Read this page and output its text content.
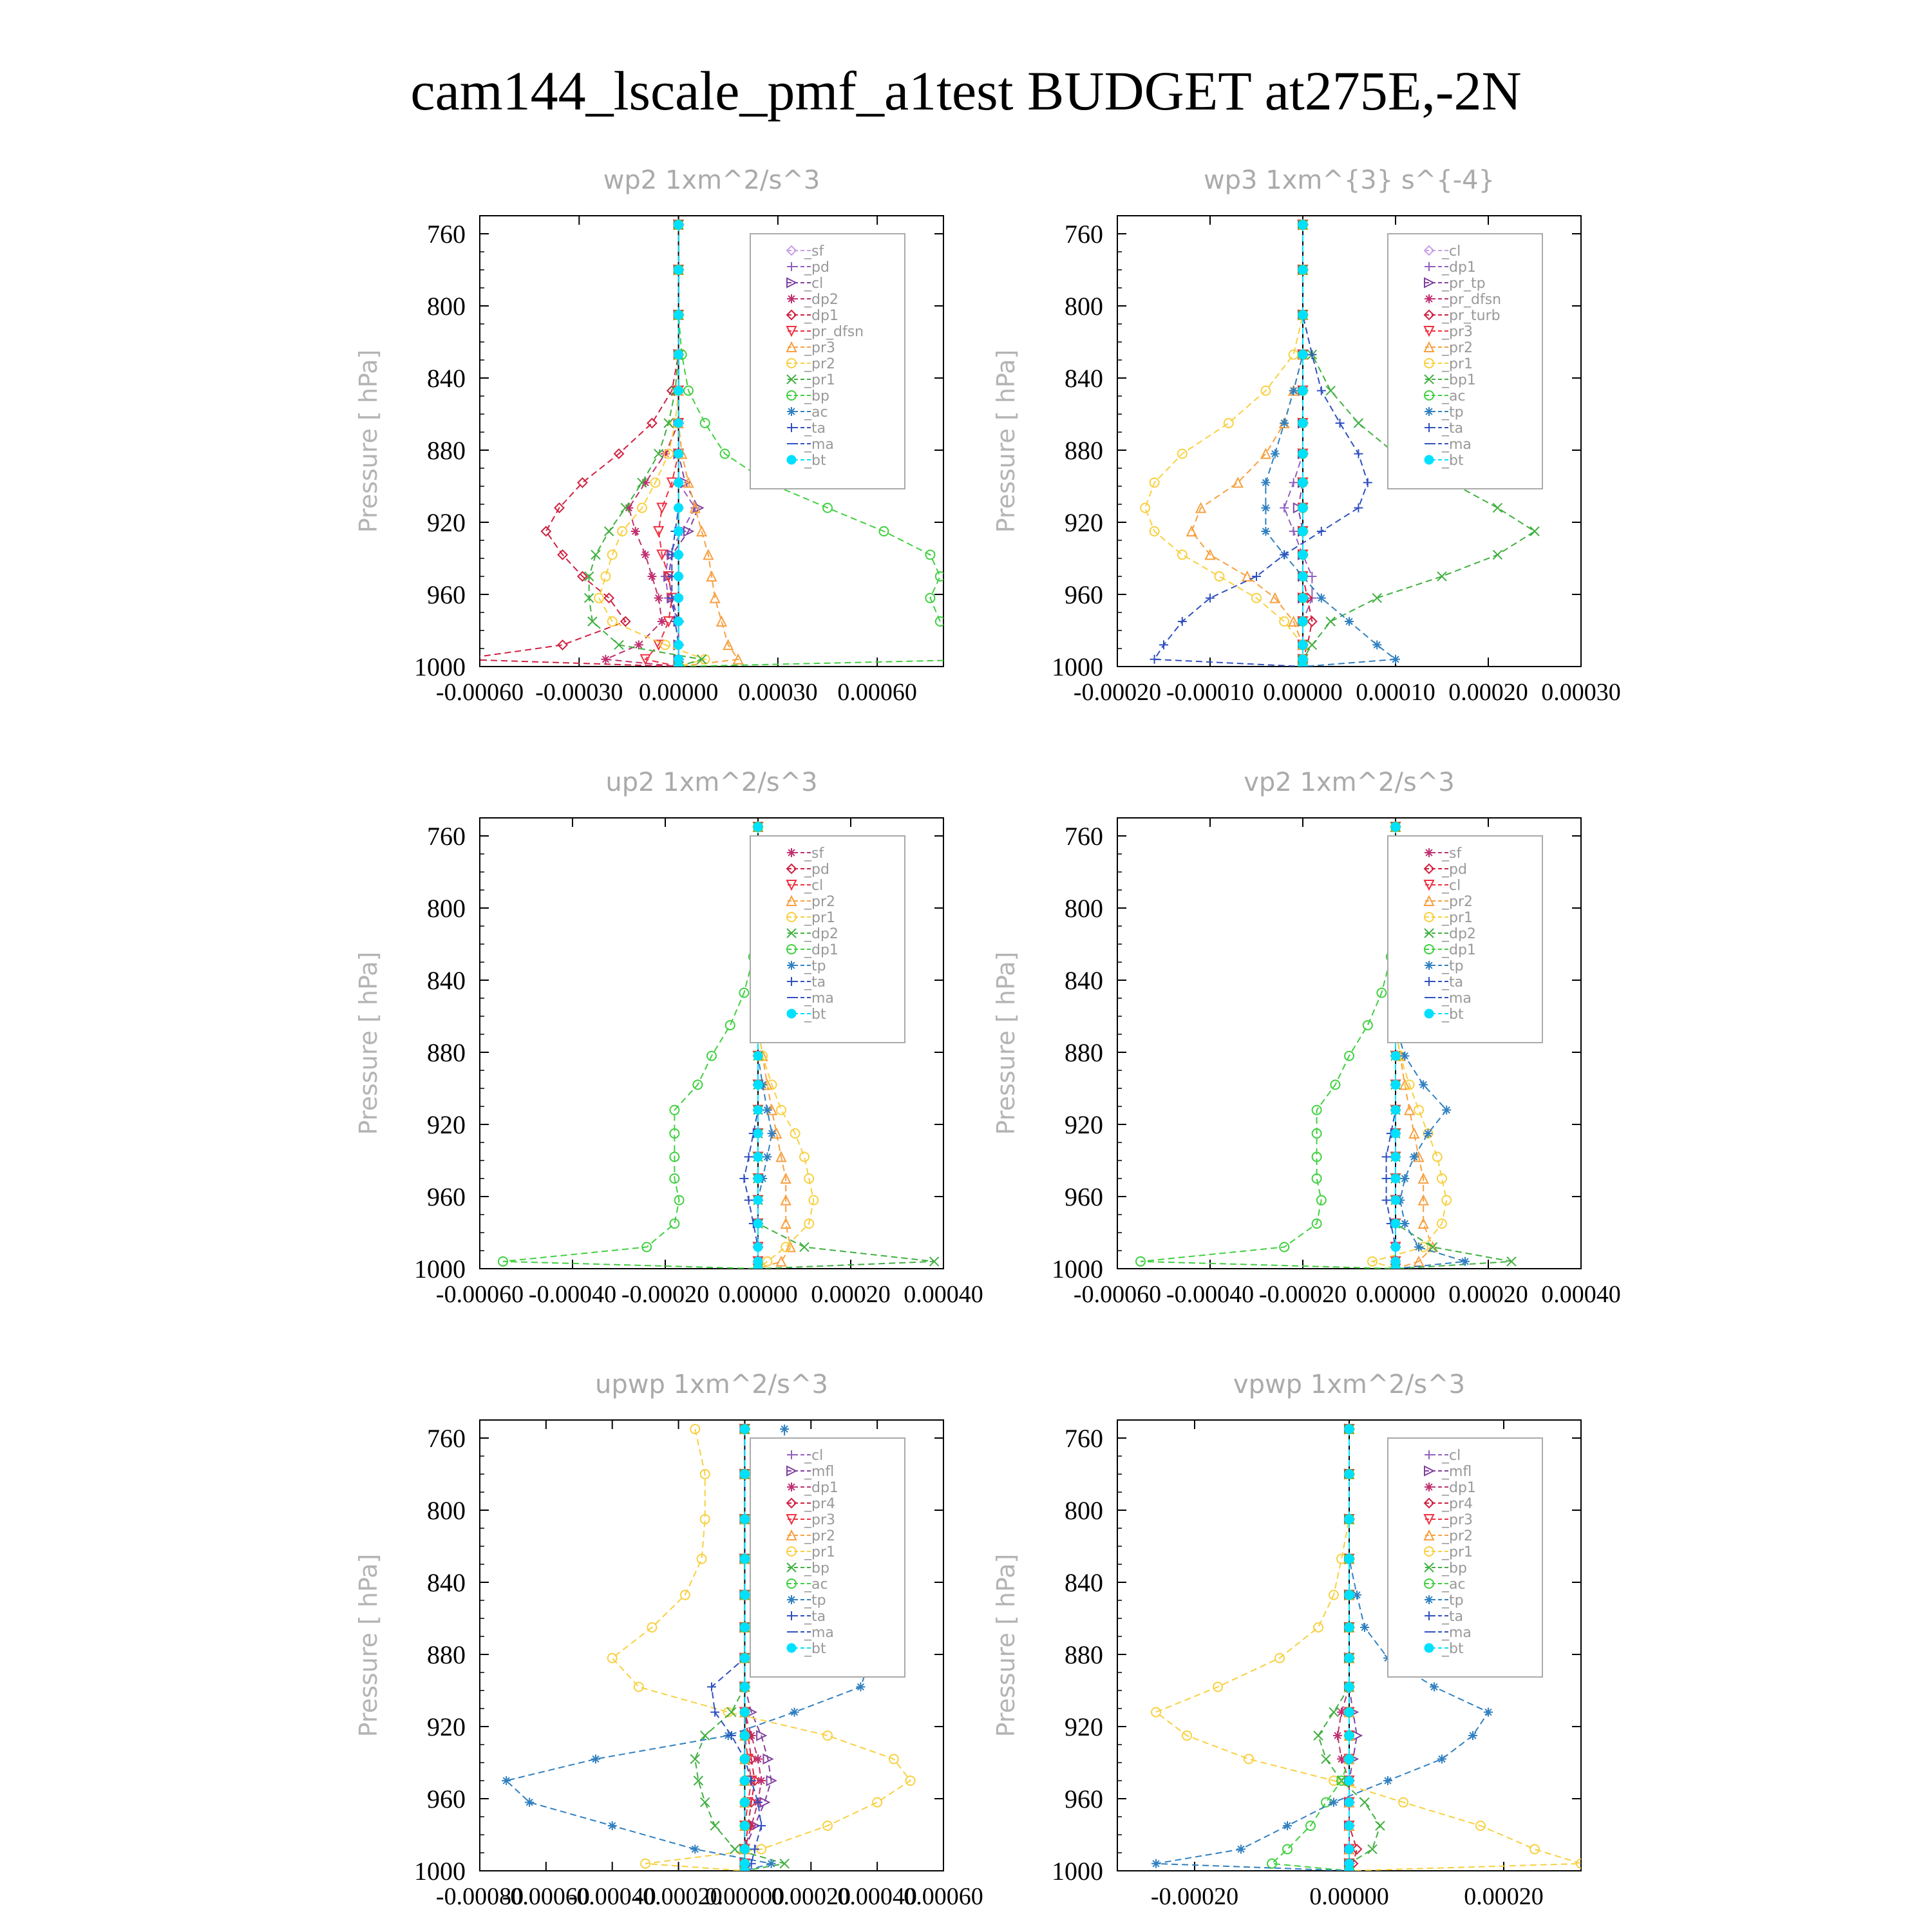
cam144_lscale_pmf_a1test BUDGET at275E,-2N
wp2 1xm^2/s^3
Pressure [ hPa]
760
800
840
880
920
960
1000
-0.00060 -0.00030 0.00000 0.00030 0.00060
_sf
_pd
_cl
_dp2
_dp1
_pr_dfsn
_pr3
_pr2
_pr1
_bp
_ac
_ta
_ma
_bt
wp3 1xm^{3} s^{-4}
Pressure [ hPa]
760
800
840
880
920
960
1000
-0.00020 -0.00010 0.00000 0.00010 0.00020 0.00030
_cl
_dp1
_pr_tp
_pr_dfsn
_pr_turb
_pr3
_pr2
_pr1
_bp1
_ac
_tp
_ta
_ma
_bt
up2 1xm^2/s^3
Pressure [ hPa]
760
800
840
880
920
960
1000
-0.00060 -0.00040 -0.00020 0.00000 0.00020 0.00040
_sf
_pd
_cl
_pr2
_pr1
_dp2
_dp1
_tp
_ta
_ma
_bt
vp2 1xm^2/s^3
Pressure [ hPa]
760
800
840
880
920
960
1000
-0.00060 -0.00040 -0.00020 0.00000 0.00020 0.00040
_sf
_pd
_cl
_pr2
_pr1
_dp2
_dp1
_tp
_ta
_ma
_bt
upwp 1xm^2/s^3
Pressure [ hPa]
760
800
840
880
920
960
1000
-0.00080
-0.00060
-0.00040
-0.00020
0.00000
0.00020
0.00040
0.00060
_cl
_mfl
_dp1
_pr4
_pr3
_pr2
_pr1
_bp
_ac
_tp
_ta
_ma
_bt
vpwp 1xm^2/s^3
Pressure [ hPa]
760
800
840
880
920
960
1000
-0.00020	0.00000	0.00020
_cl
_mfl
_dp1
_pr4
_pr3
_pr2
_pr1
_bp
_ac
_tp
_ta
_ma
_bt
